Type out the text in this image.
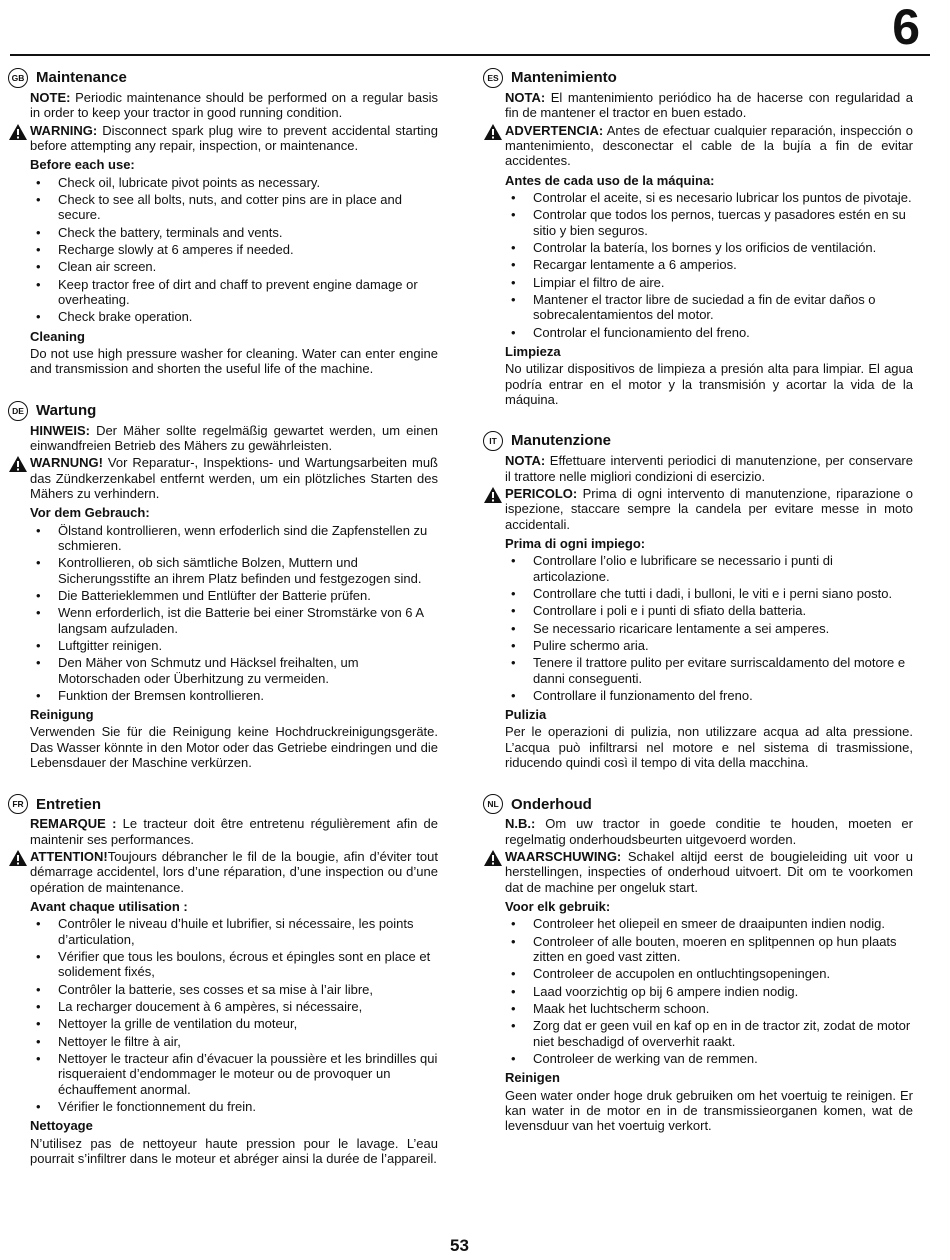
6
GB Maintenance

NOTE: Periodic maintenance should be performed on a regular basis in order to keep your tractor in good running condition.

WARNING: Disconnect spark plug wire to prevent accidental starting before attempting any repair, inspection, or maintenance.

Before each use:
• Check oil, lubricate pivot points as necessary.
• Check to see all bolts, nuts, and cotter pins are in place and secure.
• Check the battery, terminals and vents.
• Recharge slowly at 6 amperes if needed.
• Clean air screen.
• Keep tractor free of dirt and chaff to prevent engine damage or overheating.
• Check brake operation.
Cleaning

Do not use high pressure washer for cleaning. Water can enter engine and transmission and shorten the useful life of the machine.

DE Wartung

HINWEIS: Der Mäher sollte regelmäßig gewartet werden, um einen einwandfreien Betrieb des Mähers zu gewährleisten.

WARNUNG! Vor Reparatur-, Inspektions- und Wartungsarbeiten muß das Zündkerzenkabel entfernt werden, um ein plötzliches Starten des Mähers zu verhindern.

Vor dem Gebrauch:
• Ölstand kontrollieren, wenn erfoderlich sind die Zapfenstellen zu schmieren.
• Kontrollieren, ob sich sämtliche Bolzen, Muttern und Sicherungsstifte an ihrem Platz befinden und festgezogen sind.
• Die Batterieklemmen und Entlüfter der Batterie prüfen.
• Wenn erforderlich, ist die Batterie bei einer Stromstärke von 6 A langsam aufzuladen.
• Luftgitter reinigen.
• Den Mäher von Schmutz und Häcksel freihalten, um Motorschaden oder Überhitzung zu vermeiden.
• Funktion der Bremsen kontrollieren.
Reinigung

Verwenden Sie für die Reinigung keine Hochdruckreinigungsgeräte. Das Wasser könnte in den Motor oder das Getriebe eindringen und die Lebensdauer der Maschine verkürzen.

FR Entretien

REMARQUE : Le tracteur doit être entretenu régulièrement afin de maintenir ses performances.

ATTENTION!Toujours débrancher le fil de la bougie, afin d’éviter tout démarrage accidentel, lors d’une réparation, d’une inspection ou d’une opération de maintenance.

Avant chaque utilisation :
• Contrôler le niveau d’huile et lubrifier, si nécessaire, les points d’articulation,
• Vérifier que tous les boulons, écrous et épingles sont en place et solidement fixés,
• Contrôler la batterie, ses cosses et sa mise à l’air libre,
• La recharger doucement à 6 ampères, si nécessaire,
• Nettoyer la grille de ventilation du moteur,
• Nettoyer le filtre à air,
• Nettoyer le tracteur afin d’évacuer la poussière et les brindilles qui risqueraient d’endommager le moteur ou de provoquer un échauffement anormal.
• Vérifier le fonctionnement du frein.
Nettoyage

N’utilisez pas de nettoyeur haute pression pour le lavage. L’eau pourrait s’infiltrer dans le moteur et abréger ainsi la durée de l’appareil.

ES Mantenimiento

NOTA: El mantenimiento periódico ha de hacerse con regularidad a fin de mantener el tractor en buen estado.

ADVERTENCIA: Antes de efectuar cualquier reparación, inspección o mantenimiento, desconectar el cable de la bujía a fin de evitar accidentes.

Antes de cada uso de la máquina:
• Controlar el aceite, si es necesario lubricar los puntos de pivotaje.
• Controlar que todos los pernos, tuercas y pasadores estén en su sitio y bien seguros.
• Controlar la batería, los bornes y los orificios de ventilación.
• Recargar lentamente a 6 amperios.
• Limpiar el filtro de aire.
• Mantener el tractor libre de suciedad a fin de evitar daños o sobrecalentamientos del motor.
• Controlar el funcionamiento del freno.
Limpieza

No utilizar dispositivos de limpieza a presión alta para limpiar. El agua podría entrar en el motor y la transmisión y acortar la vida de la máquina.

IT Manutenzione

NOTA: Effettuare interventi periodici di manutenzione, per conservare il trattore nelle migliori condizioni di esercizio.

PERICOLO: Prima di ogni intervento di manutenzione, riparazione o ispezione, staccare sempre la candela per evitare messe in moto accidentali.

Prima di ogni impiego:
• Controllare l’olio e lubrificare se necessario i punti di articolazione.
• Controllare che tutti i dadi, i bulloni, le viti e i perni siano posto.
• Controllare i poli e i punti di sfiato della batteria.
• Se necessario ricaricare lentamente a sei amperes.
• Pulire schermo aria.
• Tenere il trattore pulito per evitare surriscaldamento del motore e danni conseguenti.
• Controllare il funzionamento del freno.
Pulizia

Per le operazioni di pulizia, non utilizzare acqua ad alta pressione. L’acqua può infiltrarsi nel motore e nel sistema di trasmissione, riducendo quindi così il tempo di vita della macchina.

NL Onderhoud

N.B.: Om uw tractor in goede conditie te houden, moeten er regelmatig onderhoudsbeurten uitgevoerd worden.

WAARSCHUWING: Schakel altijd eerst de bougieleiding uit voor u herstellingen, inspecties of onderhoud uitvoert. Dit om te voorkomen dat de machine per ongeluk start.

Voor elk gebruik:
• Controleer het oliepeil en smeer de draaipunten indien nodig.
• Controleer of alle bouten, moeren en splitpennen op hun plaats zitten en goed vast zitten.
• Controleer de accupolen en ontluchtingsopeningen.
• Laad voorzichtig op bij 6 ampere indien nodig.
• Maak het luchtscherm schoon.
• Zorg dat er geen vuil en kaf op en in de tractor zit, zodat de motor niet beschadigd of oververhit raakt.
• Controleer de werking van de remmen.
Reinigen

Geen water onder hoge druk gebruiken om het voertuig te reinigen. Er kan water in de motor en in de transmissieorganen komen, wat de levensduur van het voertuig verkort.

53
